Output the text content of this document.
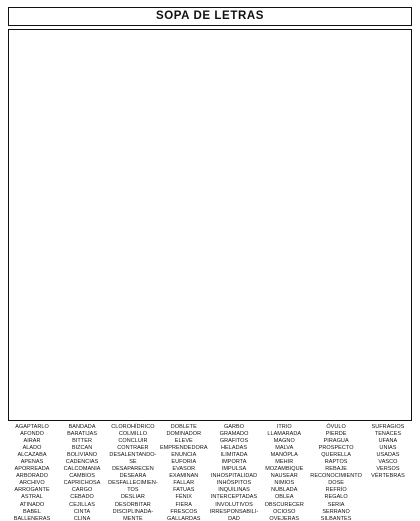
SOPA DE LETRAS
AGAPTARLO
AFONDO
AIRAR
ALADO
ALCAZABA
APENAS
APORREADA
ARBORADO
ARCHIVO
ARROGANTE
ASTRAL
ATINADO
BABEL
BALLENERAS
BANDADA
BARATIJAS
BITTER
BIZCAN
BOLIVIANO
CADENCIAS
CALCOMANIA
CAMBIOS
CAPRICHOSA
CARGO
CEBADO
CEJILLAS
CINTA
CLINA
CLOROHÍDRICO
COLMILLO
CONCLUIR
CONTRAER
DESALENTANDO-
SE
DESAPARECEN
DESEARA
DESFALLECIMIEN-
TOS
DESLIAR
DESORBITAR
DISCIPLINADA-
MENTE
DOBLETE
DOMINADOR
ELEVE
EMPRENDEDORA
ENUNCIA
EUFORIA
EVASOR
EXAMINAN
FALLAR
FATUAS
FÉNIX
FIERA
FRESCOS
GALLARDAS
GARBO
GRAMADO
GRAFITOS
HELADAS
ILIMITADA
IMPORTA
IMPULSA
INHOSPITALIDAD
INHÓSPITOS
INQUILINAS
INTERCEPTADAS
INVOLUTIVOS
IRRESPONSABILI-
DAD
ITRIO
LLAMARADA
MAGNO
MALVA
MANÓPLA
MEHIR
MOZAMBIQUE
NAUSEAR
NIMIOS
NUBLADA
OBLEA
OBSCURECER
OCIOSO
OVEJERAS
ÓVULO
PIERDE
PIRAGUA
PROSPECTO
QUERELLA
RAPTOS
REBAJE
RECONOCIMIENTO
DOSE
REFRÍO
REGALO
SERIA
SERRANO
SILBANTES
SUFRAGIOS
TENACES
UFANA
UNIAS
USADAS
VASCO
VERSOS
VÉRTEBRAS
